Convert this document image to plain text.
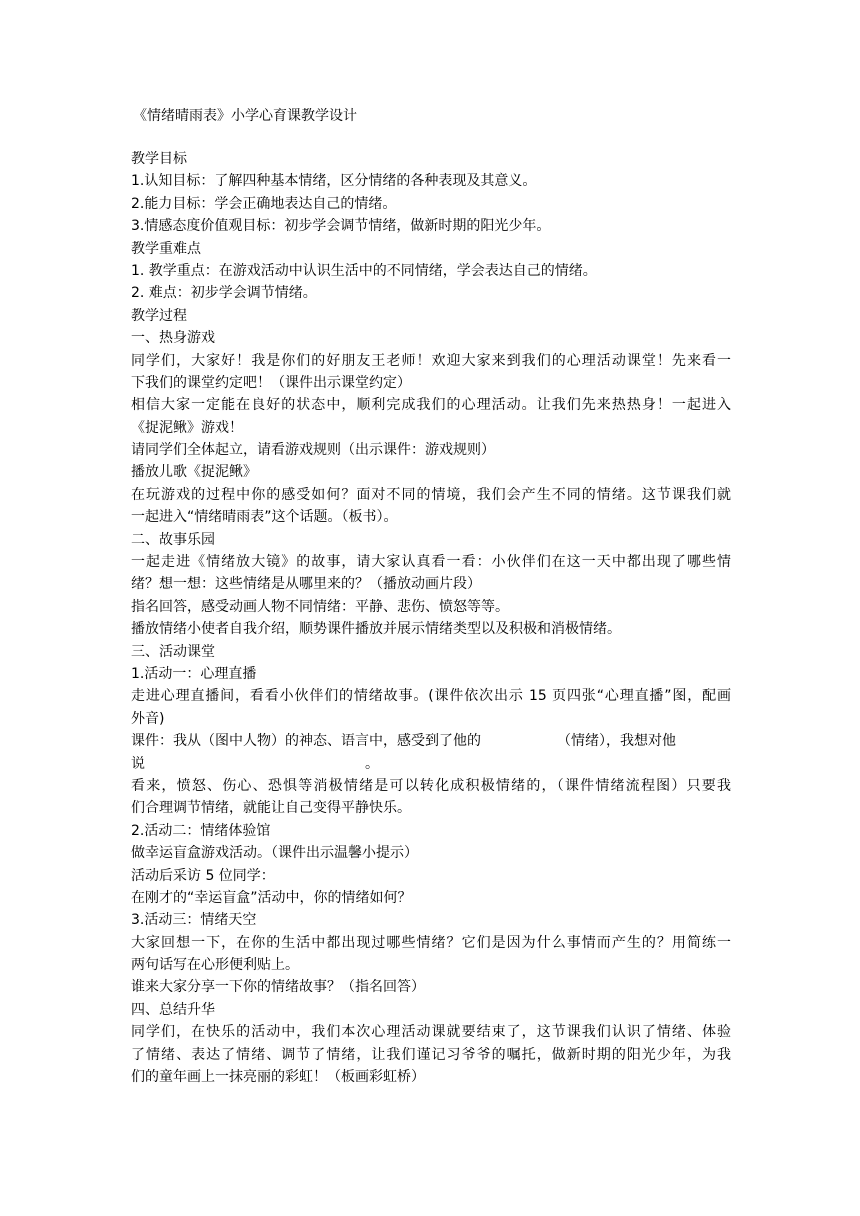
《情绪晴雨表》小学心育课教学设计
教学目标
1.认知目标：了解四种基本情绪，区分情绪的各种表现及其意义。
2.能力目标：学会正确地表达自己的情绪。
3.情感态度价值观目标：初步学会调节情绪，做新时期的阳光少年。
教学重难点
1. 教学重点：在游戏活动中认识生活中的不同情绪，学会表达自己的情绪。
2. 难点：初步学会调节情绪。
教学过程
一、热身游戏
同学们，大家好！我是你们的好朋友王老师！欢迎大家来到我们的心理活动课堂！先来看一
下我们的课堂约定吧！（课件出示课堂约定）
相信大家一定能在良好的状态中，顺利完成我们的心理活动。让我们先来热热身！一起进入
《捉泥鳅》游戏！
请同学们全体起立，请看游戏规则（出示课件：游戏规则）
播放儿歌《捉泥鳅》
在玩游戏的过程中你的感受如何？面对不同的情境，我们会产生不同的情绪。这节课我们就
一起进入“情绪晴雨表”这个话题。（板书）。
二、故事乐园
一起走进《情绪放大镜》的故事，请大家认真看一看：小伙伴们在这一天中都出现了哪些情
绪？想一想：这些情绪是从哪里来的？（播放动画片段）
指名回答，感受动画人物不同情绪：平静、悲伤、愤怒等等。
播放情绪小使者自我介绍，顺势课件播放并展示情绪类型以及积极和消极情绪。
三、活动课堂
1.活动一：心理直播
走进心理直播间，看看小伙伴们的情绪故事。(课件依次出示 15 页四张“心理直播”图，配画
外音)
课件：我从（图中人物）的神态、语言中，感受到了他的	（情绪），我想对他
说	。
看来，愤怒、伤心、恐惧等消极情绪是可以转化成积极情绪的，（课件情绪流程图）只要我
们合理调节情绪，就能让自己变得平静快乐。
2.活动二：情绪体验馆
做幸运盲盒游戏活动。（课件出示温馨小提示）
活动后采访 5 位同学：
在刚才的“幸运盲盒”活动中，你的情绪如何？
3.活动三：情绪天空
大家回想一下，在你的生活中都出现过哪些情绪？它们是因为什么事情而产生的？用简练一
两句话写在心形便利贴上。
谁来大家分享一下你的情绪故事？（指名回答）
四、总结升华
同学们，在快乐的活动中，我们本次心理活动课就要结束了，这节课我们认识了情绪、体验
了情绪、表达了情绪、调节了情绪，让我们谨记习爷爷的嘱托，做新时期的阳光少年，为我
们的童年画上一抹亮丽的彩虹！（板画彩虹桥）
